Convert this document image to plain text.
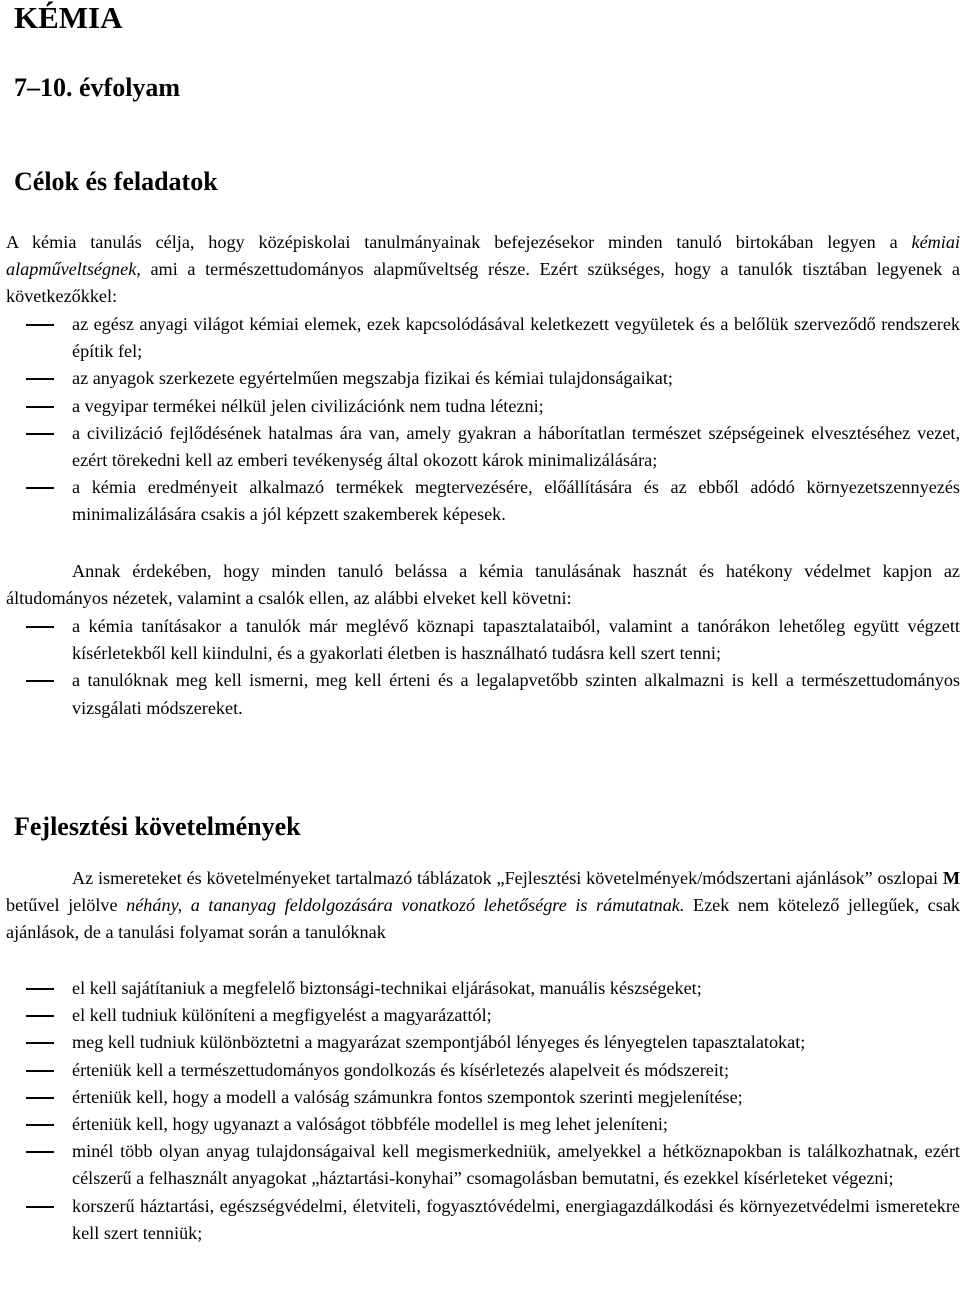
KÉMIA
7–10. évfolyam
Célok és feladatok
A kémia tanulás célja, hogy középiskolai tanulmányainak befejezésekor minden tanuló birtokában legyen a kémiai alapműveltségnek, ami a természettudományos alapműveltség része. Ezért szükséges, hogy a tanulók tisztában legyenek a következőkkel:
az egész anyagi világot kémiai elemek, ezek kapcsolódásával keletkezett vegyületek és a belőlük szerveződő rendszerek építik fel;
az anyagok szerkezete egyértelműen megszabja fizikai és kémiai tulajdonságaikat;
a vegyipar termékei nélkül jelen civilizációnk nem tudna létezni;
a civilizáció fejlődésének hatalmas ára van, amely gyakran a háborítatlan természet szépségeinek elvesztéséhez vezet, ezért törekedni kell az emberi tevékenység által okozott károk minimalizálására;
a kémia eredményeit alkalmazó termékek megtervezésére, előállítására és az ebből adódó környezetszennyezés minimalizálására csakis a jól képzett szakemberek képesek.
Annak érdekében, hogy minden tanuló belássa a kémia tanulásának hasznát és hatékony védelmet kapjon az áltudományos nézetek, valamint a csalók ellen, az alábbi elveket kell követni:
a kémia tanításakor a tanulók már meglévő köznapi tapasztalataiból, valamint a tanórákon lehetőleg együtt végzett kísérletekből kell kiindulni, és a gyakorlati életben is használható tudásra kell szert tenni;
a tanulóknak meg kell ismerni, meg kell érteni és a legalapvetőbb szinten alkalmazni is kell a természettudományos vizsgálati módszereket.
Fejlesztési követelmények
Az ismereteket és követelményeket tartalmazó táblázatok „Fejlesztési követelmények/módszertani ajánlások” oszlopai M betűvel jelölve néhány, a tananyag feldolgozására vonatkozó lehetőségre is rámutatnak. Ezek nem kötelező jellegűek, csak ajánlások, de a tanulási folyamat során a tanulóknak
el kell sajátítaniuk a megfelelő biztonsági-technikai eljárásokat, manuális készségeket;
el kell tudniuk különíteni a megfigyelést a magyarázattól;
meg kell tudniuk különböztetni a magyarázat szempontjából lényeges és lényegtelen tapasztalatokat;
érteniük kell a természettudományos gondolkozás és kísérletezés alapelveit és módszereit;
érteniük kell, hogy a modell a valóság számunkra fontos szempontok szerinti megjelenítése;
érteniük kell, hogy ugyanazt a valóságot többféle modellel is meg lehet jeleníteni;
minél több olyan anyag tulajdonságaival kell megismerkedniük, amelyekkel a hétköznapokban is találkozhatnak, ezért célszerű a felhasznált anyagokat „háztartási-konyhai” csomagolásban bemutatni, és ezekkel kísérleteket végezni;
korszerű háztartási, egészségvédelmi, életviteli, fogyasztóvédelmi, energiagazdálkodási és környezetvédelmi ismeretekre kell szert tenniük;
